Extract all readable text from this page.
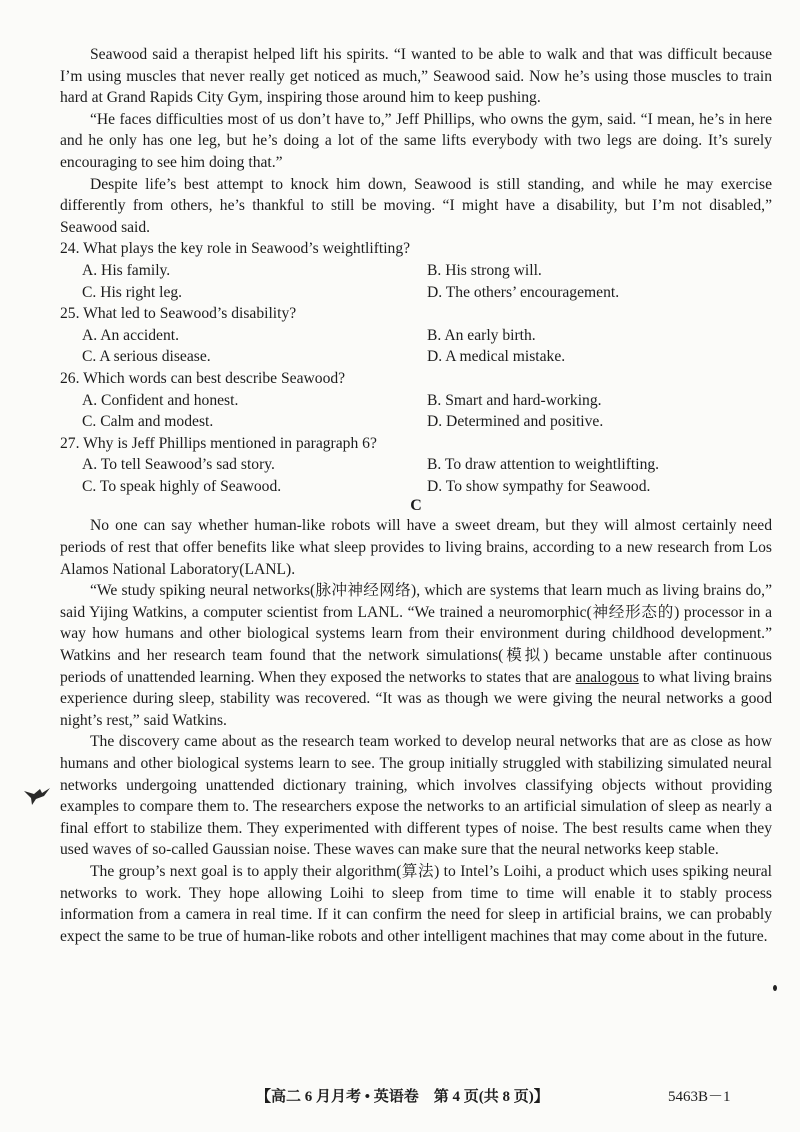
Seawood said a therapist helped lift his spirits. “I wanted to be able to walk and that was difficult because I’m using muscles that never really get noticed as much,” Seawood said. Now he’s using those muscles to train hard at Grand Rapids City Gym, inspiring those around him to keep pushing.

“He faces difficulties most of us don’t have to,” Jeff Phillips, who owns the gym, said. “I mean, he’s in here and he only has one leg, but he’s doing a lot of the same lifts everybody with two legs are doing. It’s surely encouraging to see him doing that.”

Despite life’s best attempt to knock him down, Seawood is still standing, and while he may exercise differently from others, he’s thankful to still be moving. “I might have a disability, but I’m not disabled,” Seawood said.

24. What plays the key role in Seawood’s weightlifting?

A. His family.	B. His strong will.
C. His right leg.	D. The others’ encouragement.

25. What led to Seawood’s disability?

A. An accident.	B. An early birth.
C. A serious disease.	D. A medical mistake.

26. Which words can best describe Seawood?

A. Confident and honest.	B. Smart and hard-working.
C. Calm and modest.	D. Determined and positive.

27. Why is Jeff Phillips mentioned in paragraph 6?

A. To tell Seawood’s sad story.	B. To draw attention to weightlifting.
C. To speak highly of Seawood.	D. To show sympathy for Seawood.

C

No one can say whether human-like robots will have a sweet dream, but they will almost certainly need periods of rest that offer benefits like what sleep provides to living brains, according to a new research from Los Alamos National Laboratory(LANL).

“We study spiking neural networks(脉冲神经网络), which are systems that learn much as living brains do,” said Yijing Watkins, a computer scientist from LANL. “We trained a neuromorphic(神经形态的) processor in a way how humans and other biological systems learn from their environment during childhood development.” Watkins and her research team found that the network simulations(模拟) became unstable after continuous periods of unattended learning. When they exposed the networks to states that are analogous to what living brains experience during sleep, stability was recovered. “It was as though we were giving the neural networks a good night’s rest,” said Watkins.

The discovery came about as the research team worked to develop neural networks that are as close as how humans and other biological systems learn to see. The group initially struggled with stabilizing simulated neural networks undergoing unattended dictionary training, which involves classifying objects without providing examples to compare them to. The researchers expose the networks to an artificial simulation of sleep as nearly a final effort to stabilize them. They experimented with different types of noise. The best results came when they used waves of so-called Gaussian noise. These waves can make sure that the neural networks keep stable.

The group’s next goal is to apply their algorithm(算法) to Intel’s Loihi, a product which uses spiking neural networks to work. They hope allowing Loihi to sleep from time to time will enable it to stably process information from a camera in real time. If it can confirm the need for sleep in artificial brains, we can probably expect the same to be true of human-like robots and other intelligent machines that may come about in the future.

【高二 6 月月考 • 英语卷　第 4 页(共 8 页)】	5463B－1
